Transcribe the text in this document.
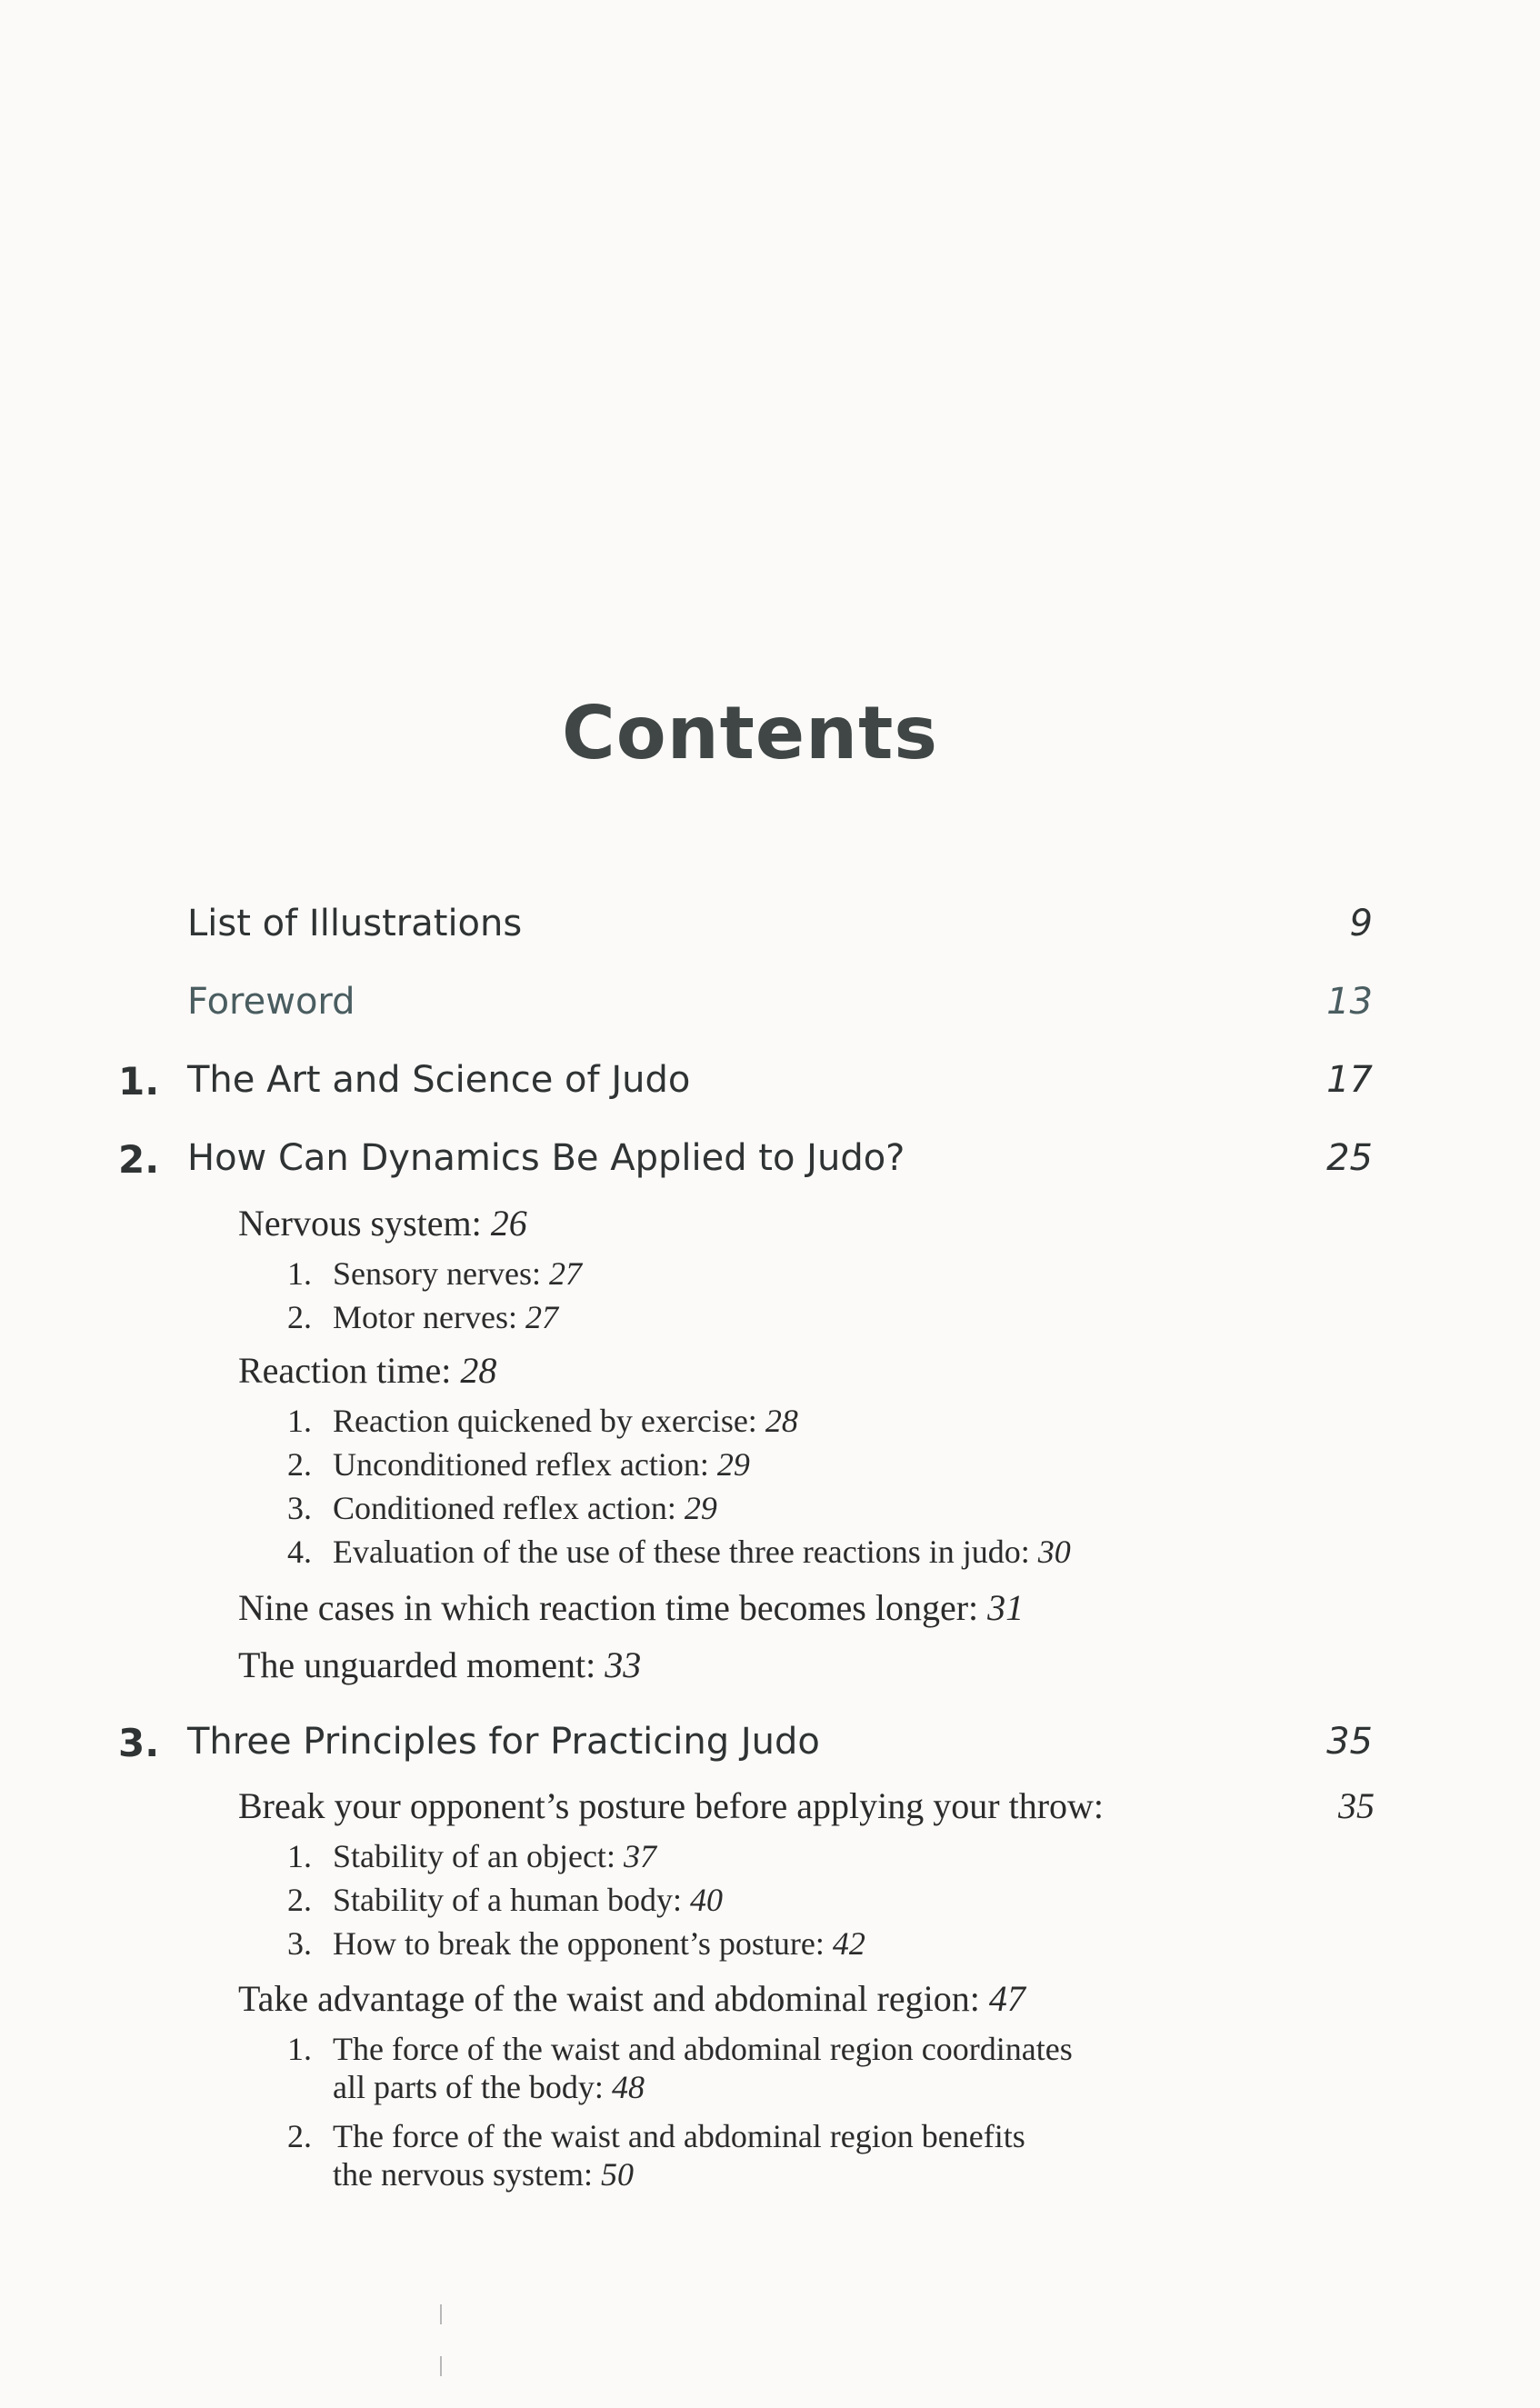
Contents
List of Illustrations	9
Foreword	13
1. The Art and Science of Judo	17
2. How Can Dynamics Be Applied to Judo?	25
Nervous system: 26
1. Sensory nerves: 27
2. Motor nerves: 27
Reaction time: 28
1. Reaction quickened by exercise: 28
2. Unconditioned reflex action: 29
3. Conditioned reflex action: 29
4. Evaluation of the use of these three reactions in judo: 30
Nine cases in which reaction time becomes longer: 31
The unguarded moment: 33
3. Three Principles for Practicing Judo	35
Break your opponent’s posture before applying your throw:	35
1. Stability of an object: 37
2. Stability of a human body: 40
3. How to break the opponent’s posture: 42
Take advantage of the waist and abdominal region: 47
1. The force of the waist and abdominal region coordinates
all parts of the body: 48
2. The force of the waist and abdominal region benefits
the nervous system: 50
